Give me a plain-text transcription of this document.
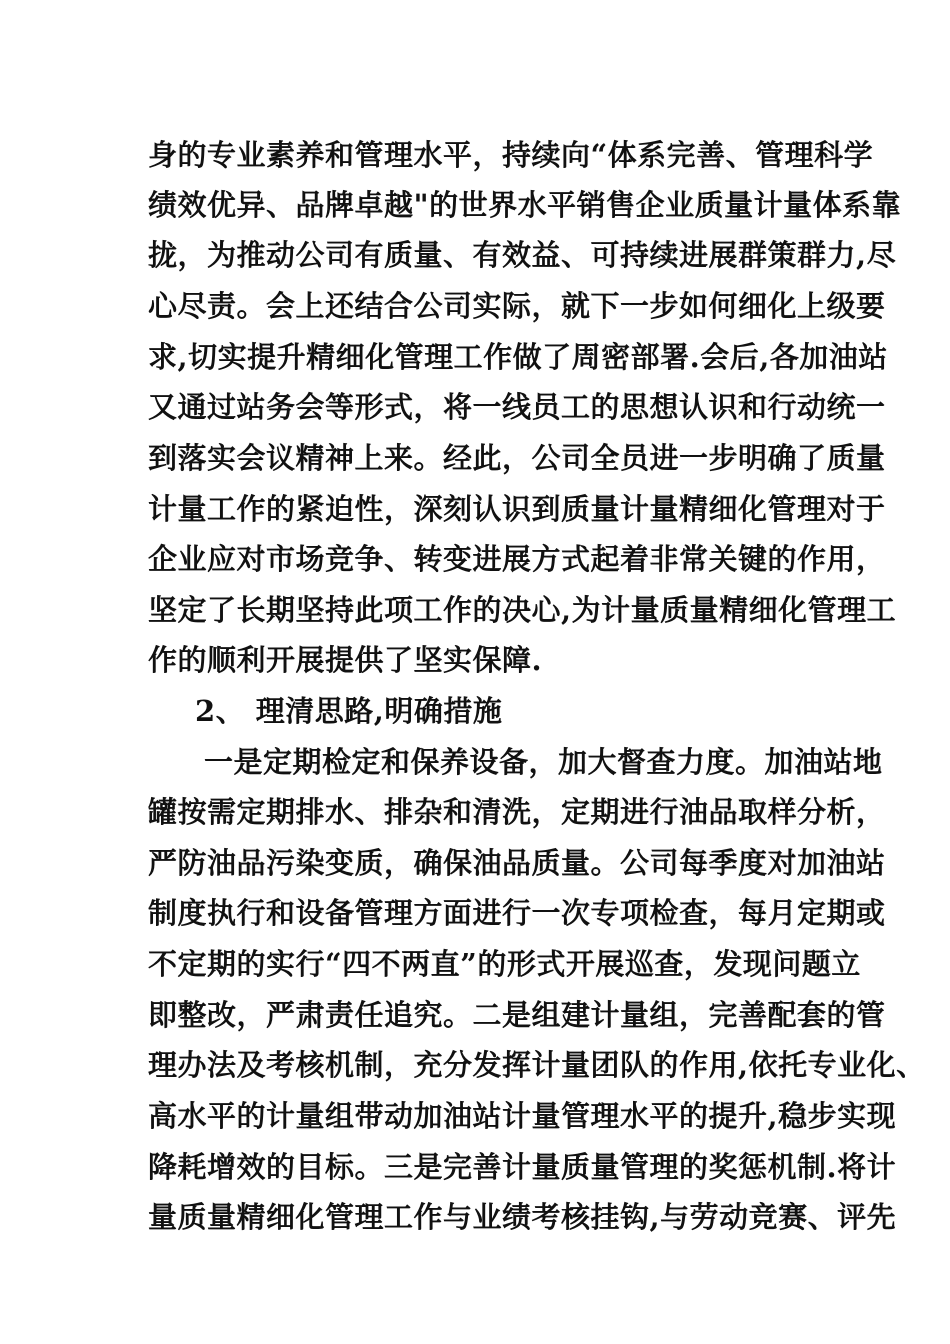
身的专业素养和管理水平，持续向“体系完善、管理科学
绩效优异、品牌卓越"的世界水平销售企业质量计量体系靠
拢，为推动公司有质量、有效益、可持续进展群策群力,尽
心尽责。会上还结合公司实际，就下一步如何细化上级要
求,切实提升精细化管理工作做了周密部署.会后,各加油站
又通过站务会等形式，将一线员工的思想认识和行动统一
到落实会议精神上来。经此，公司全员进一步明确了质量
计量工作的紧迫性，深刻认识到质量计量精细化管理对于
企业应对市场竞争、转变进展方式起着非常关键的作用，
坚定了长期坚持此项工作的决心,为计量质量精细化管理工
作的顺利开展提供了坚实保障.
2、 理清思路,明确措施
一是定期检定和保养设备，加大督查力度。加油站地
罐按需定期排水、排杂和清洗，定期进行油品取样分析，
严防油品污染变质，确保油品质量。公司每季度对加油站
制度执行和设备管理方面进行一次专项检查，每月定期或
不定期的实行“四不两直”的形式开展巡查，发现问题立
即整改，严肃责任追究。二是组建计量组，完善配套的管
理办法及考核机制，充分发挥计量团队的作用,依托专业化、
高水平的计量组带动加油站计量管理水平的提升,稳步实现
降耗增效的目标。三是完善计量质量管理的奖惩机制.将计
量质量精细化管理工作与业绩考核挂钩,与劳动竞赛、评先
